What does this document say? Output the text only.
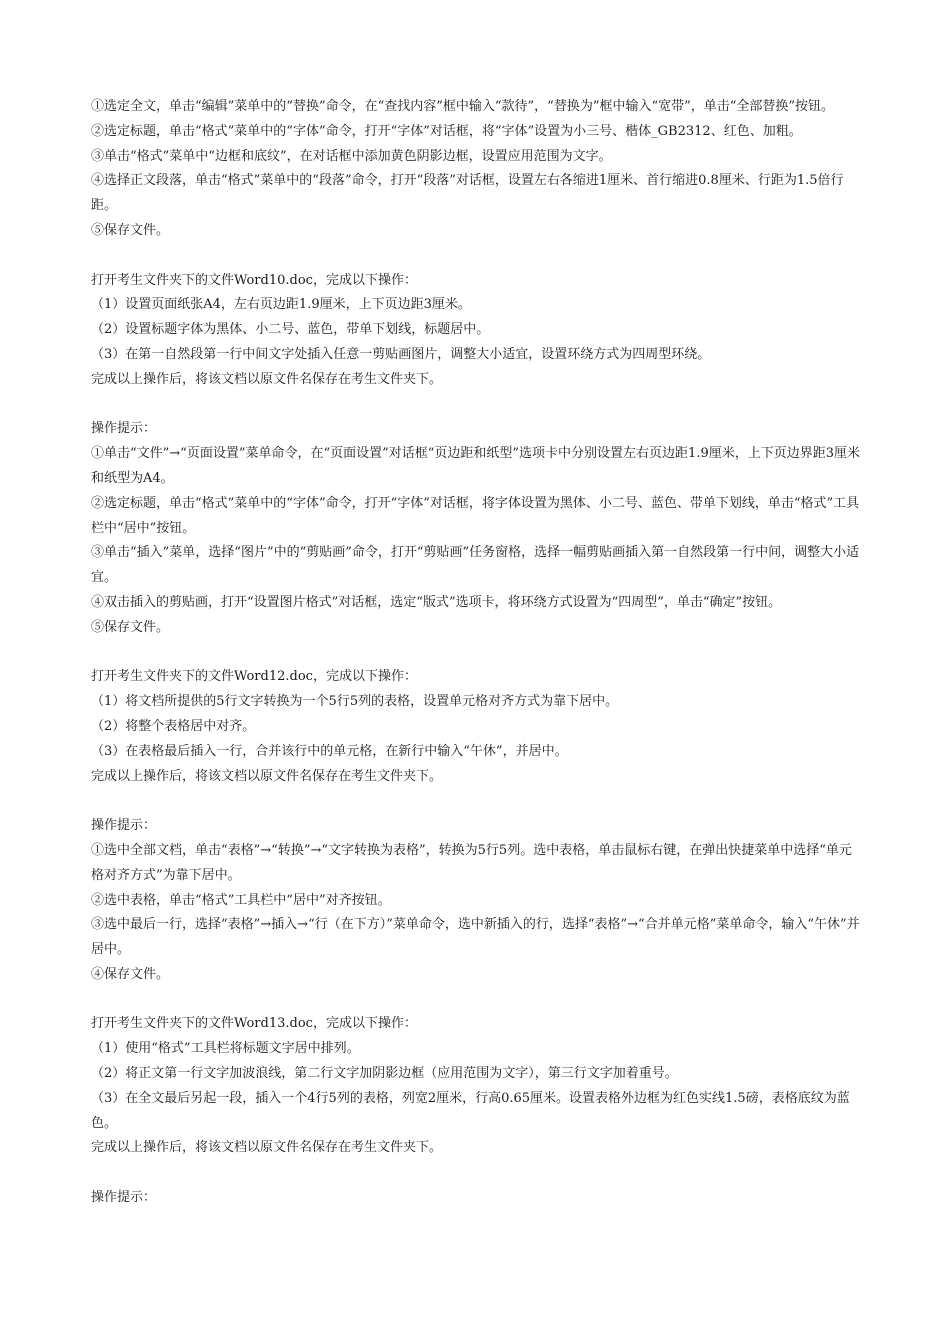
①选定全文，单击“编辑”菜单中的“替换”命令，在“查找内容”框中输入“款待”，“替换为”框中输入“宽带”，单击“全部替换”按钮。
②选定标题，单击“格式”菜单中的“字体”命令，打开“字体”对话框，将“字体”设置为小三号、楷体_GB2312、红色、加粗。
③单击“格式”菜单中“边框和底纹”，在对话框中添加黄色阴影边框，设置应用范围为文字。
④选择正文段落，单击“格式”菜单中的“段落”命令，打开“段落”对话框，设置左右各缩进1厘米、首行缩进0.8厘米、行距为1.5倍行距。
⑤保存文件。
打开考生文件夹下的文件Word10.doc，完成以下操作：
（1）设置页面纸张A4，左右页边距1.9厘米，上下页边距3厘米。
（2）设置标题字体为黑体、小二号、蓝色，带单下划线，标题居中。
（3）在第一自然段第一行中间文字处插入任意一剪贴画图片，调整大小适宜，设置环绕方式为四周型环绕。
完成以上操作后，将该文档以原文件名保存在考生文件夹下。
操作提示：
①单击“文件”→“页面设置”菜单命令，在“页面设置”对话框“页边距和纸型”选项卡中分别设置左右页边距1.9厘米，上下页边界距3厘米和纸型为A4。
②选定标题，单击“格式”菜单中的“字体”命令，打开“字体”对话框，将字体设置为黑体、小二号、蓝色、带单下划线，单击“格式”工具栏中“居中”按钮。
③单击“插入”菜单，选择“图片”中的“剪贴画”命令，打开“剪贴画”任务窗格，选择一幅剪贴画插入第一自然段第一行中间，调整大小适宜。
④双击插入的剪贴画，打开“设置图片格式”对话框，选定“版式”选项卡，将环绕方式设置为“四周型”，单击“确定”按钮。
⑤保存文件。
打开考生文件夹下的文件Word12.doc，完成以下操作：
（1）将文档所提供的5行文字转换为一个5行5列的表格，设置单元格对齐方式为靠下居中。
（2）将整个表格居中对齐。
（3）在表格最后插入一行，合并该行中的单元格，在新行中输入“午休”，并居中。
完成以上操作后，将该文档以原文件名保存在考生文件夹下。
操作提示：
①选中全部文档，单击“表格”→“转换”→“文字转换为表格”，转换为5行5列。选中表格，单击鼠标右键，在弹出快捷菜单中选择“单元格对齐方式”为靠下居中。
②选中表格，单击“格式”工具栏中“居中”对齐按钮。
③选中最后一行，选择“表格”→插入→“行（在下方）”菜单命令，选中新插入的行，选择“表格”→“合并单元格”菜单命令，输入“午休”并居中。
④保存文件。
打开考生文件夹下的文件Word13.doc，完成以下操作：
（1）使用“格式”工具栏将标题文字居中排列。
（2）将正文第一行文字加波浪线，第二行文字加阴影边框（应用范围为文字），第三行文字加着重号。
（3）在全文最后另起一段，插入一个4行5列的表格，列宽2厘米，行高0.65厘米。设置表格外边框为红色实线1.5磅，表格底纹为蓝色。
完成以上操作后，将该文档以原文件名保存在考生文件夹下。
操作提示：
